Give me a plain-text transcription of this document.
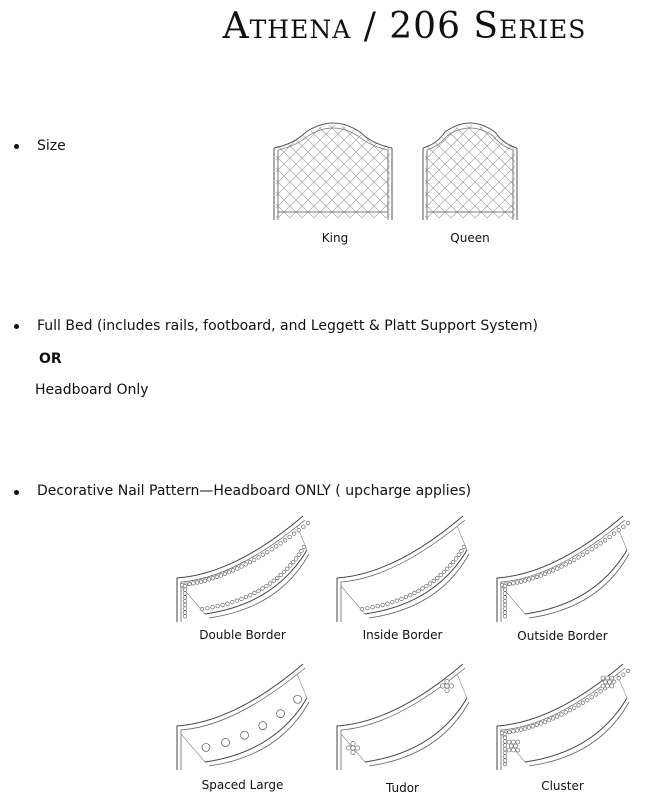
Athena / 206 Series
Size
King	Queen
Full Bed (includes rails, footboard, and Leggett & Platt Support System)
OR
Headboard Only
Decorative Nail Pattern—Headboard ONLY ( upcharge applies)
Double Border	Inside Border	Outside Border
Spaced Large	Tudor	Cluster
